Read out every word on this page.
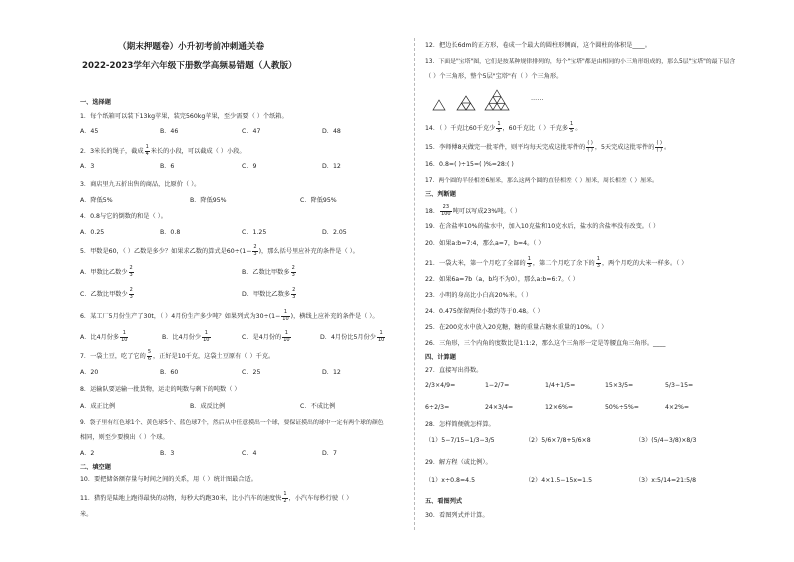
（期末押题卷）小升初考前冲刺通关卷
2022-2023学年六年级下册数学高频易错题（人教版）
一、选择题
1．每个纸箱可以装下13kg苹果，装完560kg苹果，至少需要（ ）个纸箱。
A．45	B．46	C．47	D．48
2．3米长的绳子，截成 $\frac{1}{4}$ 米长的小段，可以截成（ ）小段。
A．3	B．6	C．9	D．12
3．商店里九五折出售的商品，比原价（ ）。
A．降低5%	B．降低95%	C．降低95%
4．0.8与它的倒数的和是（ ）。
A．0.25	B．0.8	C．1.25	D．2.05
5．甲数是60，（ ）乙数是多少？如果求乙数的算式是$60\div(1- \frac{2}{3}$ )，那么括号里应补充的条件是（ ）。
A．甲数比乙数少 $\frac{2}{3}$	B．乙数比甲数多 $\frac{2}{3}$
C．乙数比甲数少 $\frac{2}{3}$	D．甲数比乙数多 $\frac{2}{3}$
6．某工厂5月份生产了30t，（ ）4月份生产多少吨？如果列式为$30\div(1- \frac{1}{10}$ )，横线上应补充的条件是（ ）。
A．比4月份多 $\frac{1}{10}$	B．比4月份少 $\frac{1}{10}$	C．是4月份的 $\frac{1}{10}$	D．4月份比5月份少 $\frac{1}{10}$
7．一袋土豆，吃了它的 $\frac{5}{6}$ ，正好是10千克，这袋土豆原有（ ）千克。
A．20	B．60	C．25	D．12
8．运输队要运输一批货物，运走的吨数与剩下的吨数（ ）
A．成正比例	B．成反比例	C．不成比例
9．袋子里有红色球1个、黄色球5个、蓝色球7个，然后从中任意摸出一个球，要保证摸出的球中一定有两个球的颜色
相同，则至少要摸出（ ）个球。
A．2	B．3	C．4	D．7
二、填空题
10．要把储备额存量与时间之间的关系，用（ ）统计图最合适。
11．猎豹是陆地上跑得最快的动物，每秒大约跑30米，比小汽车的速度快 $\frac{1}{2}$ ，小汽车每秒行驶（ ）
米。
12．把边长6dm的正方形，卷成一个最大的圆柱形侧面，这个圆柱的体积是____。
13．下面是"宝塔"图，它们是按某种规律排列的，每个"宝塔"都是由相同的小三角形组成的，那么5层"宝塔"的最下层含
（ ）个三角形，整个5层"宝塔"有（ ）个三角形。
……
14．（ ）千克比60千克少 $\frac{1}{5}$ ，60千克比（ ）千克多 $\frac{1}{5}$ 。
15．李师傅8天做完一批零件，则平均每天完成这批零件的 $\frac{( )}{( )}$ ，5天完成这批零件的 $\frac{( )}{( )}$ 。
16．0.8=( )÷15=( )%=28:( )
17．两个圆的半径相差6厘米，那么这两个圆的直径相差（ ）厘米，周长相差（ ）厘米。
三、判断题
18． $\frac{23}{100}$ 吨可以写成23%吨。（ ）
19．在含盐率10%的盐水中，加入10克盐和10克水后，盐水的含盐率没有改变。（ ）
20．如果a:b=7:4，那么a=7，b=4。（ ）
21．一袋大米，第一个月吃了全部的 $\frac{1}{3}$ ，第二个月吃了余下的 $\frac{1}{3}$ ，两个月吃的大米一样多。（ ）
22．如果6a=7b（a，b均不为0），那么a:b=6:7。（ ）
23．小明的身高比小白高20%米。（ ）
24．0.475保留两位小数约等于0.48。（ ）
25．在200克水中放入20克糖，糖的重量占糖水重量的10%。（ ）
26．三角形，三个内角的度数比是1:1:2，那么这个三角形一定是等腰直角三角形。____
四、计算题
27．直接写出得数。
2/3×4/9=	1−2/7=	1/4+1/5=	15×3/5=	5/3−15=
6÷2/3=	24×3/4=	12×6%=	50%÷5%=	4×2%=
28．怎样简便就怎样算。
（1）5−7/15−1/3−3/5	（2）5/6×7/8+5/6×8	（3）(5/4−3/8)×8/3
29．解方程（或比例）。
（1）x÷0.8=4.5	（2）4×1.5−15x=1.5	（3）x:5/14=21:5/8
五、看图列式
30．看图列式并计算。
